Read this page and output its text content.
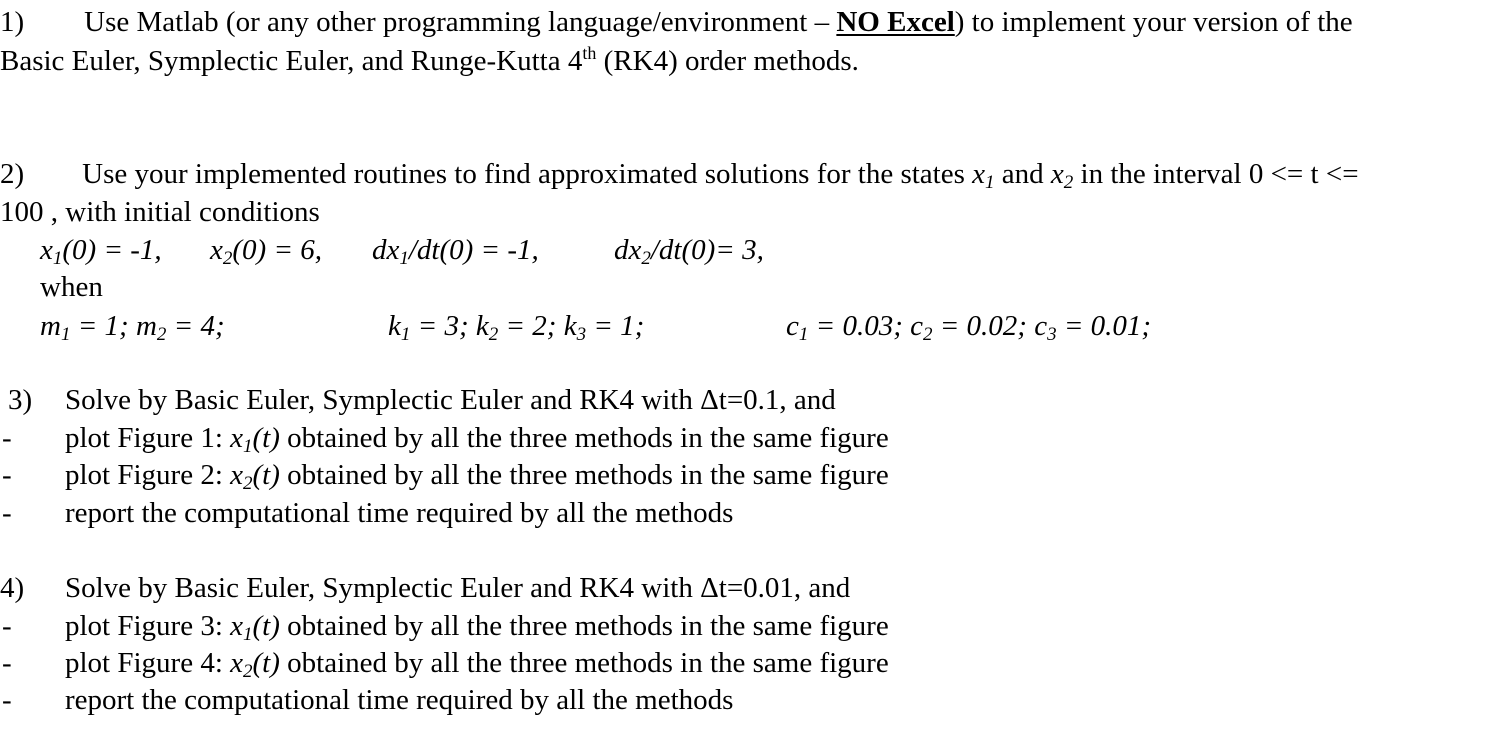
1) Use Matlab (or any other programming language/environment – NO Excel) to implement your version of the
Basic Euler, Symplectic Euler, and Runge-Kutta 4th (RK4) order methods.
2) Use your implemented routines to find approximated solutions for the states $x_1$ and $x_2$ in the interval 0 <= t <=
100 , with initial conditions
$x_1(0) = -1$, $x_2(0) = 6$, $dx_1/dt(0) = -1$,	$dx_2/dt(0)= 3$,
when
$m_1 = 1$; $m_2 = 4$;	$k_1 = 3$; $k_2 = 2$; $k_3 = 1$;	$c_1 = 0.03$; $c_2 = 0.02$; $c_3 = 0.01$;
3) Solve by Basic Euler, Symplectic Euler and RK4 with Δt=0.1, and
- plot Figure 1: $x_1(t)$ obtained by all the three methods in the same figure
- plot Figure 2: $x_2(t)$ obtained by all the three methods in the same figure
- report the computational time required by all the methods
4) Solve by Basic Euler, Symplectic Euler and RK4 with Δt=0.01, and
- plot Figure 3: $x_1(t)$ obtained by all the three methods in the same figure
- plot Figure 4: $x_2(t)$ obtained by all the three methods in the same figure
- report the computational time required by all the methods
